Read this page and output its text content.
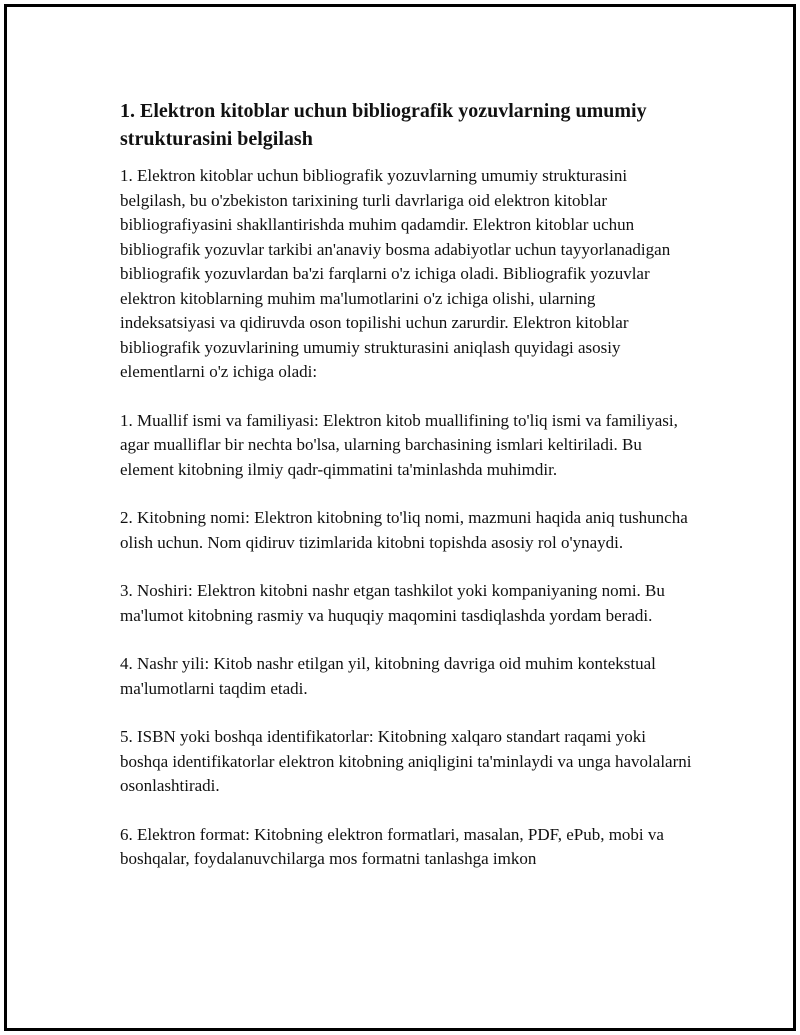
1. Elektron kitoblar uchun bibliografik yozuvlarning umumiy strukturasini belgilash

1. Elektron kitoblar uchun bibliografik yozuvlarning umumiy strukturasini belgilash, bu o'zbekiston tarixining turli davrlariga oid elektron kitoblar bibliografiyasini shakllantirishda muhim qadamdir. Elektron kitoblar uchun bibliografik yozuvlar tarkibi an'anaviy bosma adabiyotlar uchun tayyorlanadigan bibliografik yozuvlardan ba'zi farqlarni o'z ichiga oladi. Bibliografik yozuvlar elektron kitoblarning muhim ma'lumotlarini o'z ichiga olishi, ularning indeksatsiyasi va qidiruvda oson topilishi uchun zarurdir. Elektron kitoblar bibliografik yozuvlarining umumiy strukturasini aniqlash quyidagi asosiy elementlarni o'z ichiga oladi:

1. Muallif ismi va familiyasi: Elektron kitob muallifining to'liq ismi va familiyasi, agar mualliflar bir nechta bo'lsa, ularning barchasining ismlari keltiriladi. Bu element kitobning ilmiy qadr-qimmatini ta'minlashda muhimdir.

2. Kitobning nomi: Elektron kitobning to'liq nomi, mazmuni haqida aniq tushuncha olish uchun. Nom qidiruv tizimlarida kitobni topishda asosiy rol o'ynaydi.

3. Noshiri: Elektron kitobni nashr etgan tashkilot yoki kompaniyaning nomi. Bu ma'lumot kitobning rasmiy va huquqiy maqomini tasdiqlashda yordam beradi.

4. Nashr yili: Kitob nashr etilgan yil, kitobning davriga oid muhim kontekstual ma'lumotlarni taqdim etadi.

5. ISBN yoki boshqa identifikatorlar: Kitobning xalqaro standart raqami yoki boshqa identifikatorlar elektron kitobning aniqligini ta'minlaydi va unga havolalarni osonlashtiradi.

6. Elektron format: Kitobning elektron formatlari, masalan, PDF, ePub, mobi va boshqalar, foydalanuvchilarga mos formatni tanlashga imkon
